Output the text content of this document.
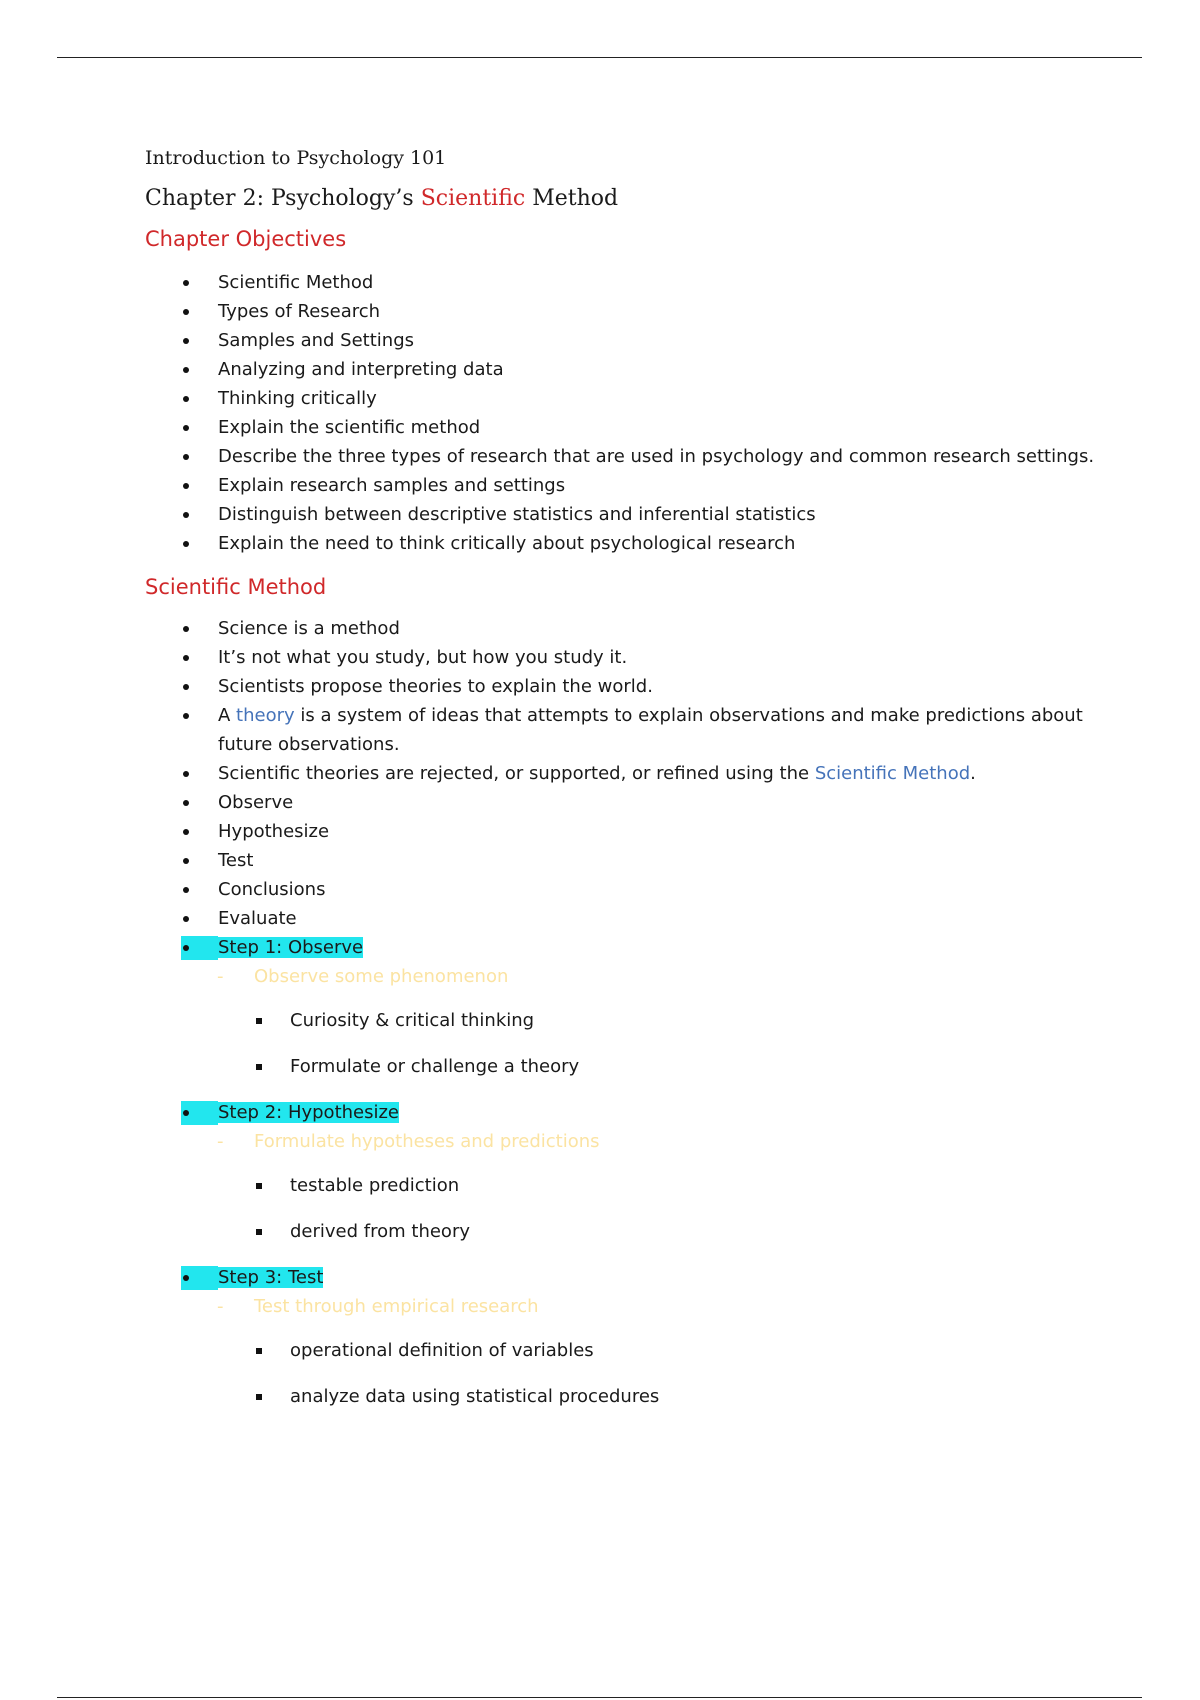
Introduction to Psychology 101

Chapter 2: Psychology’s Scientific Method

Chapter Objectives
Scientific Method
Types of Research
Samples and Settings
Analyzing and interpreting data
Thinking critically
Explain the scientific method
Describe the three types of research that are used in psychology and common research settings.
Explain research samples and settings
Distinguish between descriptive statistics and inferential statistics
Explain the need to think critically about psychological research
Scientific Method
Science is a method
It’s not what you study, but how you study it.
Scientists propose theories to explain the world.
A theory is a system of ideas that attempts to explain observations and make predictions about future observations.
Scientific theories are rejected, or supported, or refined using the Scientific Method.
Observe
Hypothesize
Test
Conclusions
Evaluate
Step 1: Observe
- Observe some phenomenon
Curiosity & critical thinking
Formulate or challenge a theory
Step 2: Hypothesize
- Formulate hypotheses and predictions
testable prediction
derived from theory
Step 3: Test
- Test through empirical research
operational definition of variables
analyze data using statistical procedures
